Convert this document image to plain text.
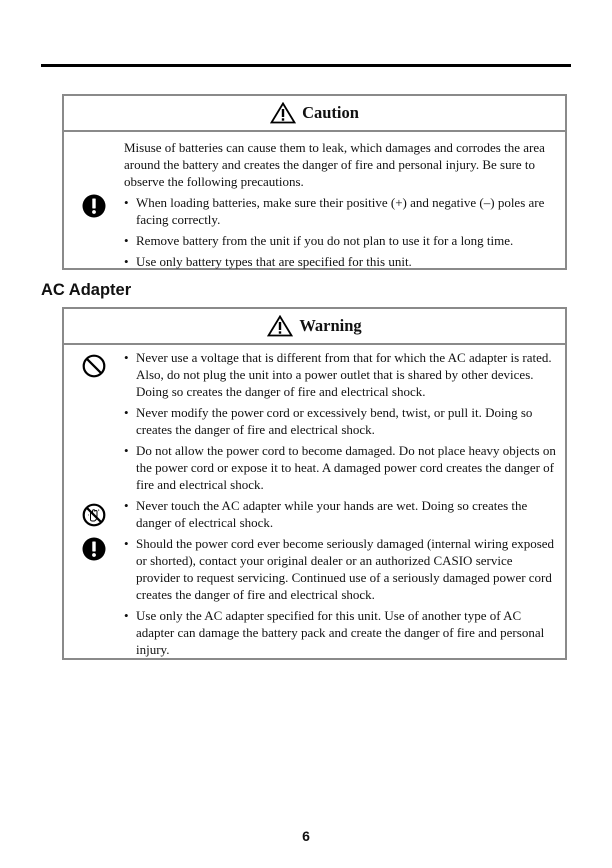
Caution

Misuse of batteries can cause them to leak, which damages and corrodes the area around the battery and creates the danger of fire and personal injury. Be sure to observe the following precautions.

• When loading batteries, make sure their positive (+) and negative (–) poles are facing correctly.
• Remove battery from the unit if you do not plan to use it for a long time.
• Use only battery types that are specified for this unit.
AC Adapter
Warning
• Never use a voltage that is different from that for which the AC adapter is rated. Also, do not plug the unit into a power outlet that is shared by other devices. Doing so creates the danger of fire and electrical shock.
• Never modify the power cord or excessively bend, twist, or pull it. Doing so creates the danger of fire and electrical shock.
• Do not allow the power cord to become damaged. Do not place heavy objects on the power cord or expose it to heat. A damaged power cord creates the danger of fire and electrical shock.
• Never touch the AC adapter while your hands are wet. Doing so creates the danger of electrical shock.
• Should the power cord ever become seriously damaged (internal wiring exposed or shorted), contact your original dealer or an authorized CASIO service provider to request servicing. Continued use of a seriously damaged power cord creates the danger of fire and electrical shock.
• Use only the AC adapter specified for this unit. Use of another type of AC adapter can damage the battery pack and create the danger of fire and personal injury.
6
